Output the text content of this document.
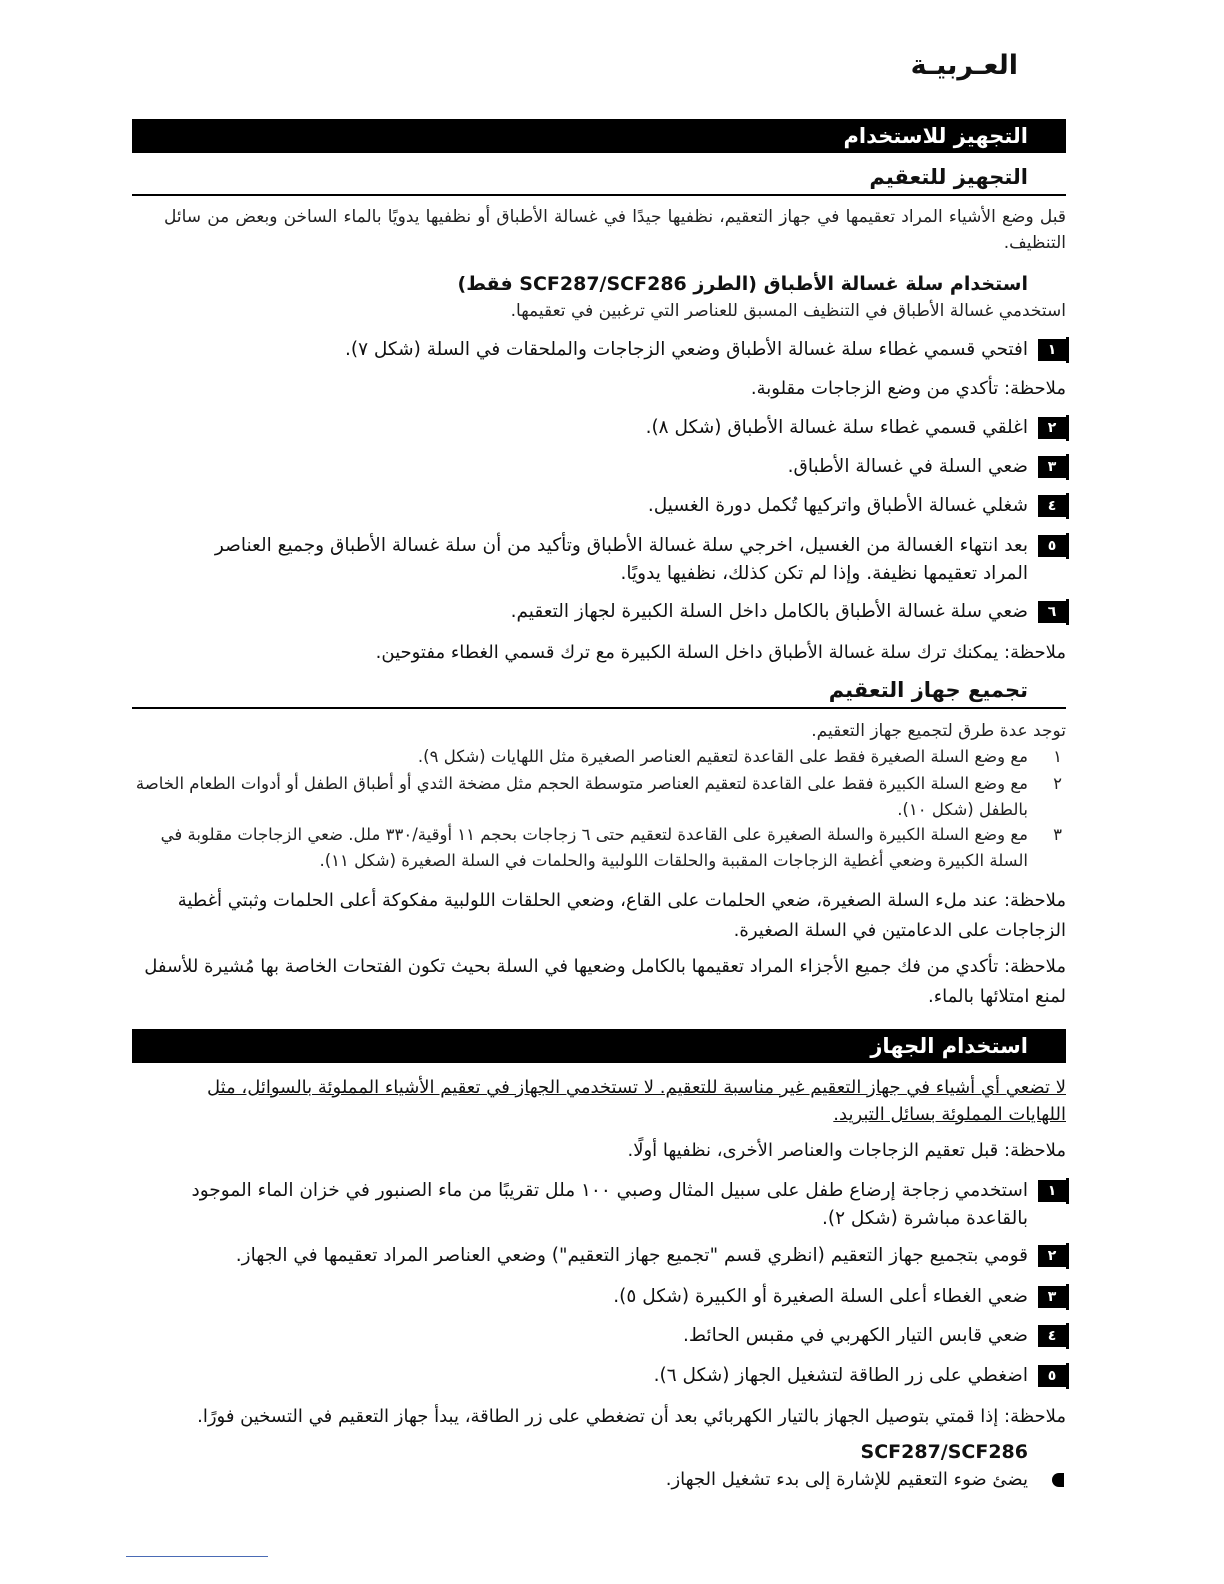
العـربيـة
التجهيز للاستخدام
التجهيز للتعقيم
قبل وضع الأشياء المراد تعقيمها في جهاز التعقيم، نظفيها جيدًا في غسالة الأطباق أو نظفيها يدويًا بالماء الساخن وبعض من سائل التنظيف.
استخدام سلة غسالة الأطباق (الطرز SCF287/SCF286 فقط)
استخدمي غسالة الأطباق في التنظيف المسبق للعناصر التي ترغبين في تعقيمها.
١
افتحي قسمي غطاء سلة غسالة الأطباق وضعي الزجاجات والملحقات في السلة (شكل ٧).
ملاحظة: تأكدي من وضع الزجاجات مقلوبة.
٢
اغلقي قسمي غطاء سلة غسالة الأطباق (شكل ٨).
٣
ضعي السلة في غسالة الأطباق.
٤
شغلي غسالة الأطباق واتركيها تُكمل دورة الغسيل.
٥
بعد انتهاء الغسالة من الغسيل، اخرجي سلة غسالة الأطباق وتأكيد من أن سلة غسالة الأطباق وجميع العناصر المراد تعقيمها نظيفة. وإذا لم تكن كذلك، نظفيها يدويًا.
٦
ضعي سلة غسالة الأطباق بالكامل داخل السلة الكبيرة لجهاز التعقيم.
ملاحظة: يمكنك ترك سلة غسالة الأطباق داخل السلة الكبيرة مع ترك قسمي الغطاء مفتوحين.
تجميع جهاز التعقيم
توجد عدة طرق لتجميع جهاز التعقيم.
١
مع وضع السلة الصغيرة فقط على القاعدة لتعقيم العناصر الصغيرة مثل اللهايات (شكل ٩).
٢
مع وضع السلة الكبيرة فقط على القاعدة لتعقيم العناصر متوسطة الحجم مثل مضخة الثدي أو أطباق الطفل أو أدوات الطعام الخاصة بالطفل (شكل ١٠).
٣
مع وضع السلة الكبيرة والسلة الصغيرة على القاعدة لتعقيم حتى ٦ زجاجات بحجم ١١ أوقية/٣٣٠ ملل. ضعي الزجاجات مقلوبة في السلة الكبيرة وضعي أغطية الزجاجات المقببة والحلقات اللولبية والحلمات في السلة الصغيرة (شكل ١١).
ملاحظة: عند ملء السلة الصغيرة، ضعي الحلمات على القاع، وضعي الحلقات اللولبية مفكوكة أعلى الحلمات وثبتي أغطية الزجاجات على الدعامتين في السلة الصغيرة.
ملاحظة: تأكدي من فك جميع الأجزاء المراد تعقيمها بالكامل وضعيها في السلة بحيث تكون الفتحات الخاصة بها مُشيرة للأسفل لمنع امتلائها بالماء.
استخدام الجهاز
لا تضعي أي أشياء في جهاز التعقيم غير مناسبة للتعقيم. لا تستخدمي الجهاز في تعقيم الأشياء المملوئة بالسوائل، مثل اللهايات المملوئة بسائل التبريد.
ملاحظة: قبل تعقيم الزجاجات والعناصر الأخرى، نظفيها أولًا.
١
استخدمي زجاجة إرضاع طفل على سبيل المثال وصبي ١٠٠ ملل تقريبًا من ماء الصنبور في خزان الماء الموجود بالقاعدة مباشرة (شكل ٢).
٢
قومي بتجميع جهاز التعقيم (انظري قسم "تجميع جهاز التعقيم") وضعي العناصر المراد تعقيمها في الجهاز.
٣
ضعي الغطاء أعلى السلة الصغيرة أو الكبيرة (شكل ٥).
٤
ضعي قابس التيار الكهربي في مقبس الحائط.
٥
اضغطي على زر الطاقة لتشغيل الجهاز (شكل ٦).
ملاحظة: إذا قمتي بتوصيل الجهاز بالتيار الكهربائي بعد أن تضغطي على زر الطاقة، يبدأ جهاز التعقيم في التسخين فورًا.
SCF287/SCF286
يضئ ضوء التعقيم للإشارة إلى بدء تشغيل الجهاز.
